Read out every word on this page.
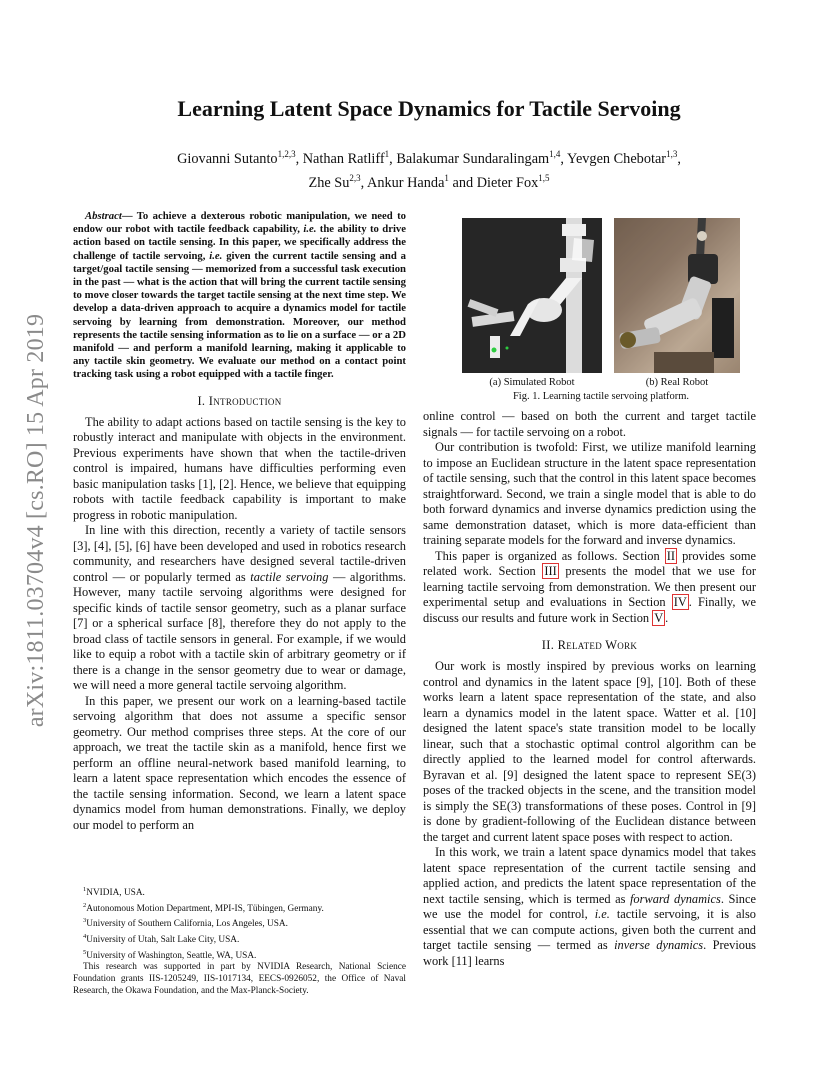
arXiv:1811.03704v4 [cs.RO] 15 Apr 2019
Learning Latent Space Dynamics for Tactile Servoing
Giovanni Sutanto$^{1,2,3}$, Nathan Ratliff$^1$, Balakumar Sundaralingam$^{1,4}$, Yevgen Chebotar$^{1,3}$,
Zhe Su$^{2,3}$, Ankur Handa$^1$ and Dieter Fox$^{1,5}$

Abstract— To achieve a dexterous robotic manipulation, we need to endow our robot with tactile feedback capability, i.e. the ability to drive action based on tactile sensing. In this paper, we specifically address the challenge of tactile servoing, i.e. given the current tactile sensing and a target/goal tactile sensing — memorized from a successful task execution in the past — what is the action that will bring the current tactile sensing to move closer towards the target tactile sensing at the next time step. We develop a data-driven approach to acquire a dynamics model for tactile servoing by learning from demonstration. Moreover, our method represents the tactile sensing information as to lie on a surface — or a 2D manifold — and perform a manifold learning, making it applicable to any tactile skin geometry. We evaluate our method on a contact point tracking task using a robot equipped with a tactile finger.

I. Introduction

The ability to adapt actions based on tactile sensing is the key to robustly interact and manipulate with objects in the environment. Previous experiments have shown that when the tactile-driven control is impaired, humans have difficulties performing even basic manipulation tasks [1], [2]. Hence, we believe that equipping robots with tactile feedback capability is important to make progress in robotic manipulation.

In line with this direction, recently a variety of tactile sensors [3], [4], [5], [6] have been developed and used in robotics research community, and researchers have designed several tactile-driven control — or popularly termed as tactile servoing — algorithms. However, many tactile servoing algorithms were designed for specific kinds of tactile sensor geometry, such as a planar surface [7] or a spherical surface [8], therefore they do not apply to the broad class of tactile sensors in general. For example, if we would like to equip a robot with a tactile skin of arbitrary geometry or if there is a change in the sensor geometry due to wear or damage, we will need a more general tactile servoing algorithm.

In this paper, we present our work on a learning-based tactile servoing algorithm that does not assume a specific sensor geometry. Our method comprises three steps. At the core of our approach, we treat the tactile skin as a manifold, hence first we perform an offline neural-network based manifold learning, to learn a latent space representation which encodes the essence of the tactile sensing information. Second, we learn a latent space dynamics model from human demonstrations. Finally, we deploy our model to perform an

$^1$NVIDIA, USA.
$^2$Autonomous Motion Department, MPI-IS, Tübingen, Germany.
$^3$University of Southern California, Los Angeles, USA.
$^4$University of Utah, Salt Lake City, USA.
$^5$University of Washington, Seattle, WA, USA.
This research was supported in part by NVIDIA Research, National Science Foundation grants IIS-1205249, IIS-1017134, EECS-0926052, the Office of Naval Research, the Okawa Foundation, and the Max-Planck-Society.
(a) Simulated Robot	(b) Real Robot
Fig. 1. Learning tactile servoing platform.

online control — based on both the current and target tactile signals — for tactile servoing on a robot.

Our contribution is twofold: First, we utilize manifold learning to impose an Euclidean structure in the latent space representation of tactile sensing, such that the control in this latent space becomes straightforward. Second, we train a single model that is able to do both forward dynamics and inverse dynamics prediction using the same demonstration dataset, which is more data-efficient than training separate models for the forward and inverse dynamics.

This paper is organized as follows. Section II provides some related work. Section III presents the model that we use for learning tactile servoing from demonstration. We then present our experimental setup and evaluations in Section IV . Finally, we discuss our results and future work in Section V .

II. Related Work

Our work is mostly inspired by previous works on learning control and dynamics in the latent space [9], [10]. Both of these works learn a latent space representation of the state, and also learn a dynamics model in the latent space. Watter et al. [10] designed the latent space's state transition model to be locally linear, such that a stochastic optimal control algorithm can be directly applied to the learned model for control afterwards. Byravan et al. [9] designed the latent space to represent SE(3) poses of the tracked objects in the scene, and the transition model is simply the SE(3) transformations of these poses. Control in [9] is done by gradient-following of the Euclidean distance between the target and current latent space poses with respect to action.

In this work, we train a latent space dynamics model that takes latent space representation of the current tactile sensing and applied action, and predicts the latent space representation of the next tactile sensing, which is termed as forward dynamics. Since we use the model for control, i.e. tactile servoing, it is also essential that we can compute actions, given both the current and target tactile sensing — termed as inverse dynamics. Previous work [11] learns
